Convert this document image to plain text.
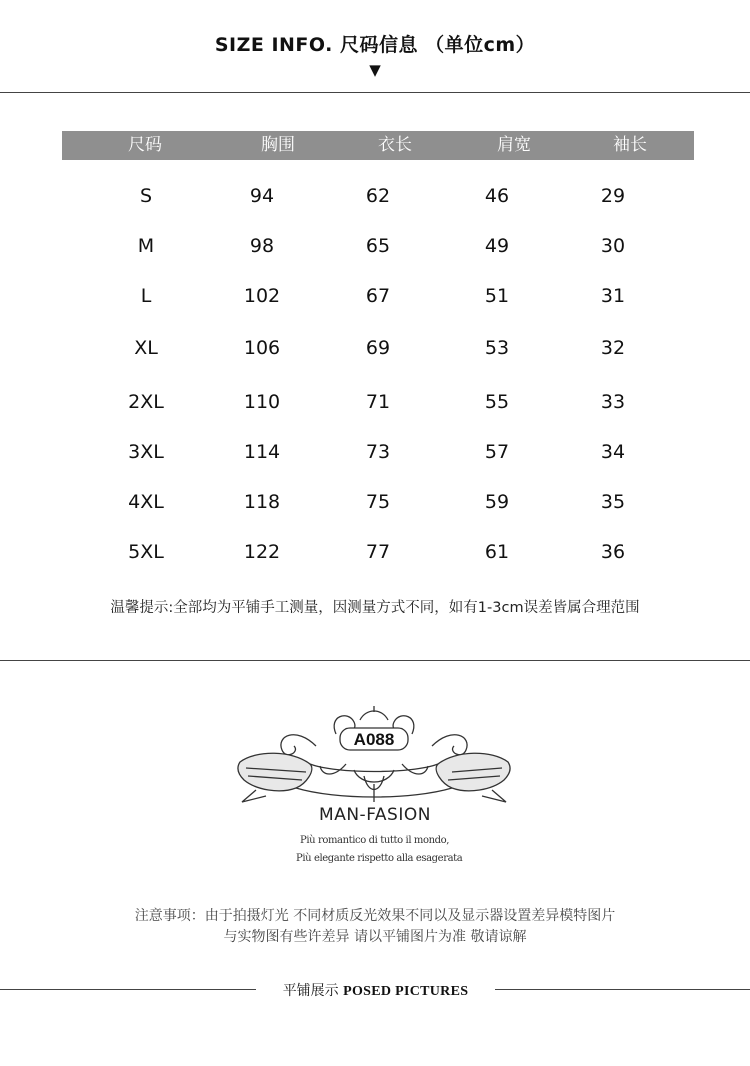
SIZE INFO. 尺码信息 （单位cm）
▼
尺码	胸围	衣长	肩宽	袖长
S	94	62	46	29
M	98	65	49	30
L	102	67	51	31
XL	106	69	53	32
2XL	110	71	55	33
3XL	114	73	57	34
4XL	118	75	59	35
5XL	122	77	61	36
温馨提示:全部均为平铺手工测量，因测量方式不同，如有1-3cm误差皆属合理范围
A088
MAN-FASION
Più romantico di tutto il mondo,
Più elegante rispetto alla esagerata
注意事项：由于拍摄灯光 不同材质反光效果不同以及显示器设置差异模特图片
与实物图有些许差异 请以平铺图片为准 敬请谅解
平铺展示 POSED PICTURES
